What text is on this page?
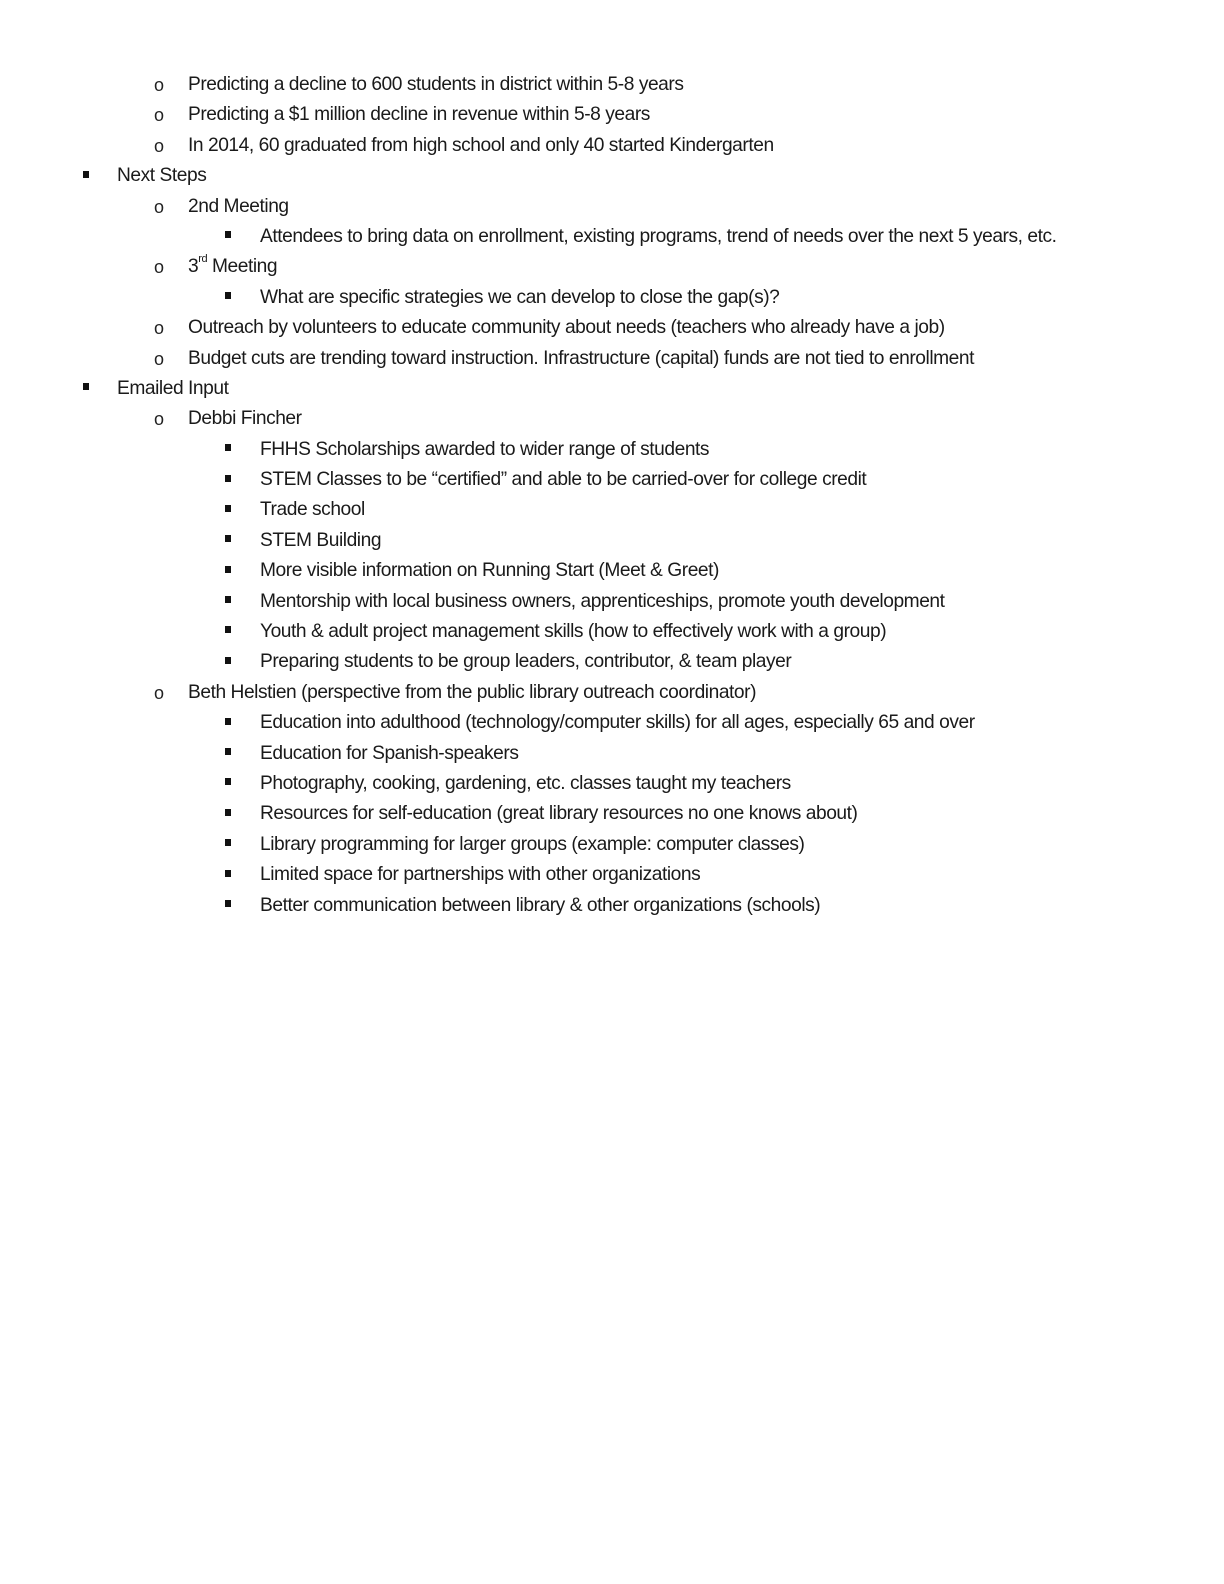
o Predicting a decline to 600 students in district within 5-8 years
o Predicting a $1 million decline in revenue within 5-8 years
o In 2014, 60 graduated from high school and only 40 started Kindergarten
Next Steps
o 2nd Meeting
Attendees to bring data on enrollment, existing programs, trend of needs over the next 5 years, etc.
o 3rd Meeting
What are specific strategies we can develop to close the gap(s)?
o Outreach by volunteers to educate community about needs (teachers who already have a job)
o Budget cuts are trending toward instruction. Infrastructure (capital) funds are not tied to enrollment
Emailed Input
o Debbi Fincher
FHHS Scholarships awarded to wider range of students
STEM Classes to be “certified” and able to be carried-over for college credit
Trade school
STEM Building
More visible information on Running Start (Meet & Greet)
Mentorship with local business owners, apprenticeships, promote youth development
Youth & adult project management skills (how to effectively work with a group)
Preparing students to be group leaders, contributor, & team player
o Beth Helstien (perspective from the public library outreach coordinator)
Education into adulthood (technology/computer skills) for all ages, especially 65 and over
Education for Spanish-speakers
Photography, cooking, gardening, etc. classes taught my teachers
Resources for self-education (great library resources no one knows about)
Library programming for larger groups (example: computer classes)
Limited space for partnerships with other organizations
Better communication between library & other organizations (schools)
